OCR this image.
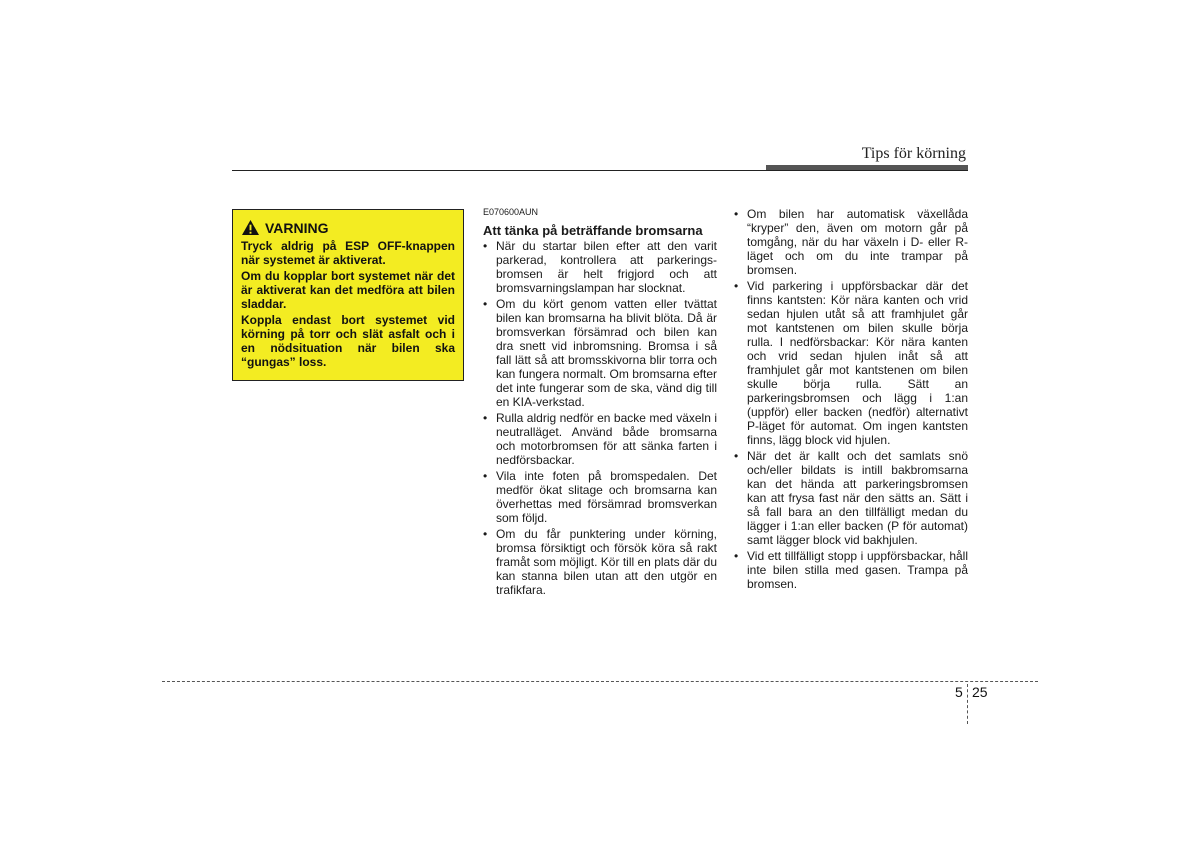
Tips för körning
VARNING

Tryck aldrig på ESP OFF-knappen när systemet är aktiverat.

Om du kopplar bort systemet när det är aktiverat kan det medföra att bilen sladdar.

Koppla endast bort systemet vid körning på torr och slät asfalt och i en nödsituation när bilen ska “gungas” loss.

E070600AUN
Att tänka på beträffande bromsarna
• När du startar bilen efter att den varit parkerad, kontrollera att parkerings-bromsen är helt frigjord och att bromsvarningslampan har slocknat.
• Om du kört genom vatten eller tvättat bilen kan bromsarna ha blivit blöta. Då är bromsverkan försämrad och bilen kan dra snett vid inbromsning. Bromsa i så fall lätt så att bromsskivorna blir torra och kan fungera normalt. Om bromsarna efter det inte fungerar som de ska, vänd dig till en KIA-verkstad.
• Rulla aldrig nedför en backe med växeln i neutralläget. Använd både bromsarna och motorbromsen för att sänka farten i nedförsbackar.
• Vila inte foten på bromspedalen. Det medför ökat slitage och bromsarna kan överhettas med försämrad bromsverkan som följd.
• Om du får punktering under körning, bromsa försiktigt och försök köra så rakt framåt som möjligt. Kör till en plats där du kan stanna bilen utan att den utgör en trafikfara.
• Om bilen har automatisk växellåda “kryper” den, även om motorn går på tomgång, när du har växeln i D- eller R-läget och om du inte trampar på bromsen.
• Vid parkering i uppförsbackar där det finns kantsten: Kör nära kanten och vrid sedan hjulen utåt så att framhjulet går mot kantstenen om bilen skulle börja rulla. I nedförsbackar: Kör nära kanten och vrid sedan hjulen inåt så att framhjulet går mot kantstenen om bilen skulle börja rulla. Sätt an parkeringsbromsen och lägg i 1:an (uppför) eller backen (nedför) alternativt P-läget för automat. Om ingen kantsten finns, lägg block vid hjulen.
• När det är kallt och det samlats snö och/eller bildats is intill bakbromsarna kan det hända att parkeringsbromsen kan att frysa fast när den sätts an. Sätt i så fall bara an den tillfälligt medan du lägger i 1:an eller backen (P för automat) samt lägger block vid bakhjulen.
• Vid ett tillfälligt stopp i uppförsbackar, håll inte bilen stilla med gasen. Trampa på bromsen.
5 25
